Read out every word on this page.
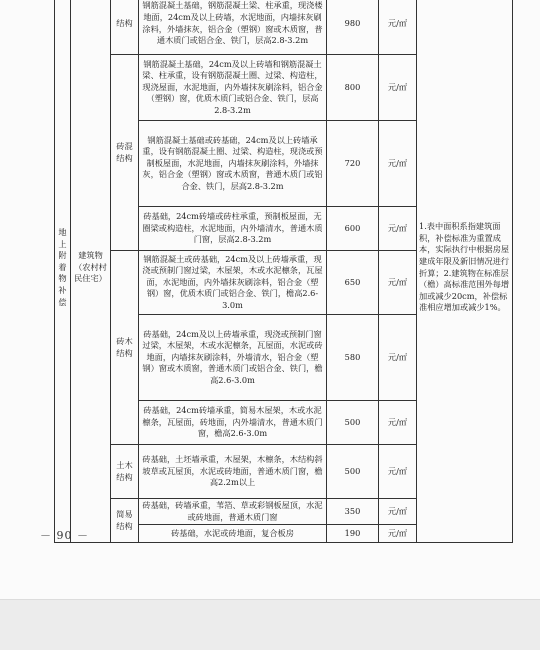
地上附着物补偿	建筑物（农村村民住宅）	结构	钢筋混凝土基础，钢筋混凝土梁、柱承重，现浇楼地面，24cm及以上砖墙，水泥地面，内墙抹灰刷涂料，外墙抹灰，铝合金（塑钢）窗或木质窗，普通木质门或铝合金、铁门，层高2.8-3.2m	980	元/㎡	1.表中面积系指建筑面积，补偿标准为重置成本，实际执行中根据房屋建成年限及新旧情况进行折算；2.建筑物在标准层（檐）高标准范围外每增加或减少20cm，补偿标准相应增加或减少1%。
		砖混结构	钢筋混凝土基础，24cm及以上砖墙和钢筋混凝土梁、柱承重，设有钢筋混凝土圈、过梁、构造柱，现浇屋面，水泥地面，内外墙抹灰刷涂料，铝合金（塑钢）窗，优质木质门或铝合金、铁门，层高2.8-3.2m	800	元/㎡	
			钢筋混凝土基础或砖基础，24cm及以上砖墙承重，设有钢筋混凝土圈、过梁、构造柱，现浇或预制板屋面，水泥地面，内墙抹灰刷涂料，外墙抹灰，铝合金（塑钢）窗或木质窗，普通木质门或铝合金、铁门，层高2.8-3.2m	720	元/㎡	
			砖基础，24cm砖墙或砖柱承重，预制板屋面，无圈梁或构造柱，水泥地面，内外墙清水，普通木质门窗，层高2.8-3.2m	600	元/㎡	
		砖木结构	钢筋混凝土或砖基础，24cm及以上砖墙承重，现浇或预制门窗过梁，木屋架，木或水泥檩条，瓦屋面，水泥地面，内外墙抹灰刷涂料，铝合金（塑钢）窗，优质木质门或铝合金、铁门，檐高2.6-3.0m	650	元/㎡	
			砖基础，24cm及以上砖墙承重，现浇或预制门窗过梁，木屋架，木或水泥檩条，瓦屋面，水泥或砖地面，内墙抹灰刷涂料，外墙清水，铝合金（塑钢）窗或木质窗，普通木质门或铝合金、铁门，檐高2.6-3.0m	580	元/㎡	
			砖基础，24cm砖墙承重，简易木屋架，木或水泥檩条，瓦屋面，砖地面，内外墙清水，普通木质门窗，檐高2.6-3.0m	500	元/㎡	
		土木结构	砖基础，土坯墙承重，木屋架，木檩条，木结构斜坡草或瓦屋顶，水泥或砖地面，普通木质门窗，檐高2.2m以上	500	元/㎡	
		简易结构	砖基础，砖墙承重，苇箔、草或彩钢板屋顶，水泥或砖地面，普通木质门窗	350	元/㎡	
			砖基础，水泥或砖地面，复合板房	190	元/㎡	
－ 90 －
